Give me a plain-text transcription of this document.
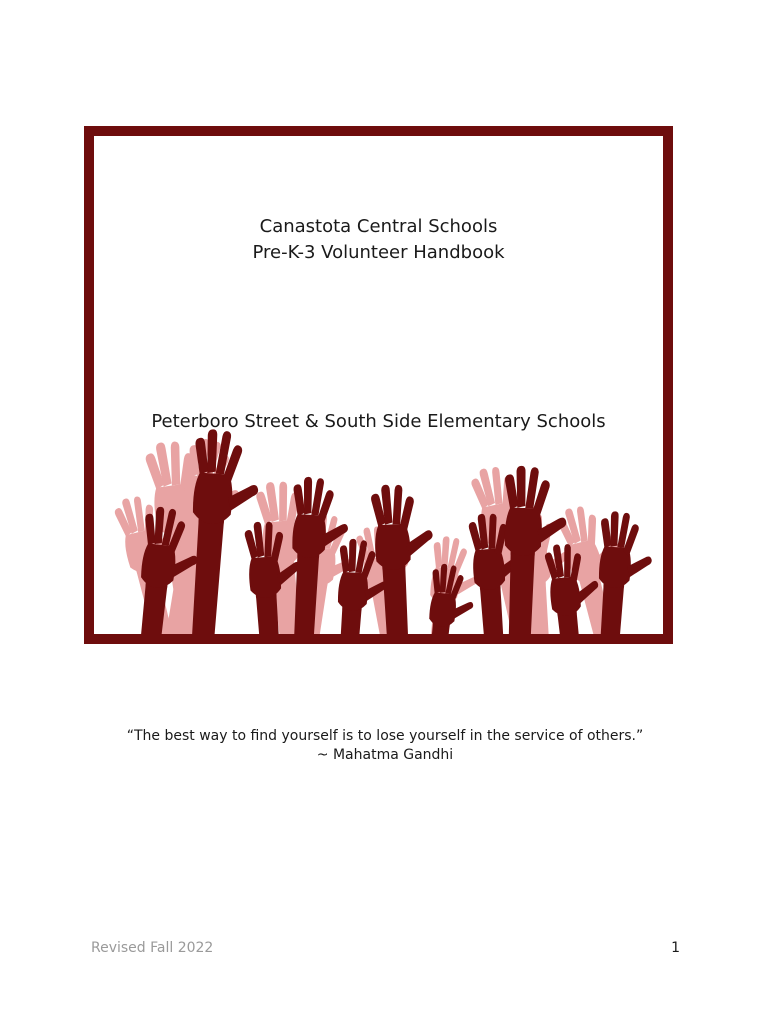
Canastota Central Schools
Pre-K-3 Volunteer Handbook
Peterboro Street & South Side Elementary Schools
“The best way to find yourself is to lose yourself in the service of others.”
~ Mahatma Gandhi
Revised Fall 2022	1
